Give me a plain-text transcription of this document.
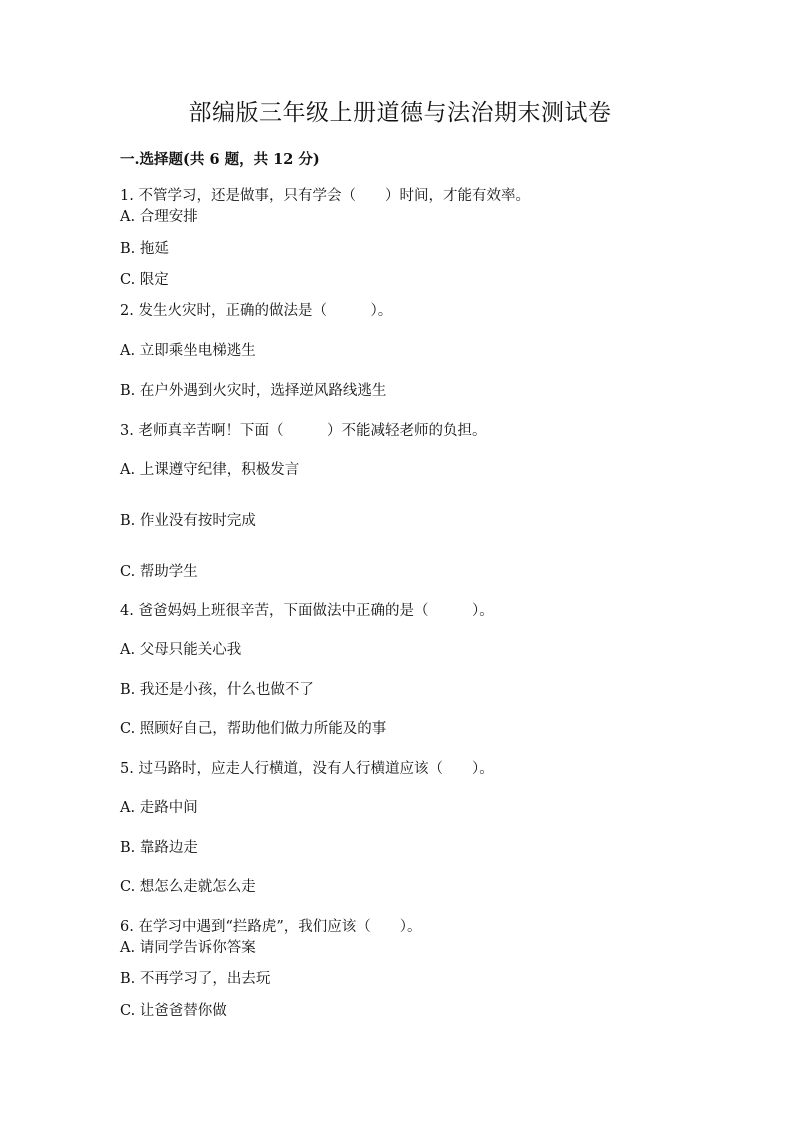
部编版三年级上册道德与法治期末测试卷
一.选择题(共 6 题，共 12 分)
1. 不管学习，还是做事，只有学会（　　）时间，才能有效率。
A. 合理安排
B. 拖延
C. 限定
2. 发生火灾时，正确的做法是（　　　）。
A. 立即乘坐电梯逃生
B. 在户外遇到火灾时，选择逆风路线逃生
3. 老师真辛苦啊！下面（　　　）不能减轻老师的负担。
A. 上课遵守纪律，积极发言
B. 作业没有按时完成
C. 帮助学生
4. 爸爸妈妈上班很辛苦，下面做法中正确的是（　　　）。
A. 父母只能关心我
B. 我还是小孩，什么也做不了
C. 照顾好自己，帮助他们做力所能及的事
5. 过马路时，应走人行横道，没有人行横道应该（　　）。
A. 走路中间
B. 靠路边走
C. 想怎么走就怎么走
6. 在学习中遇到“拦路虎”，我们应该（　　）。
A. 请同学告诉你答案
B. 不再学习了，出去玩
C. 让爸爸替你做
